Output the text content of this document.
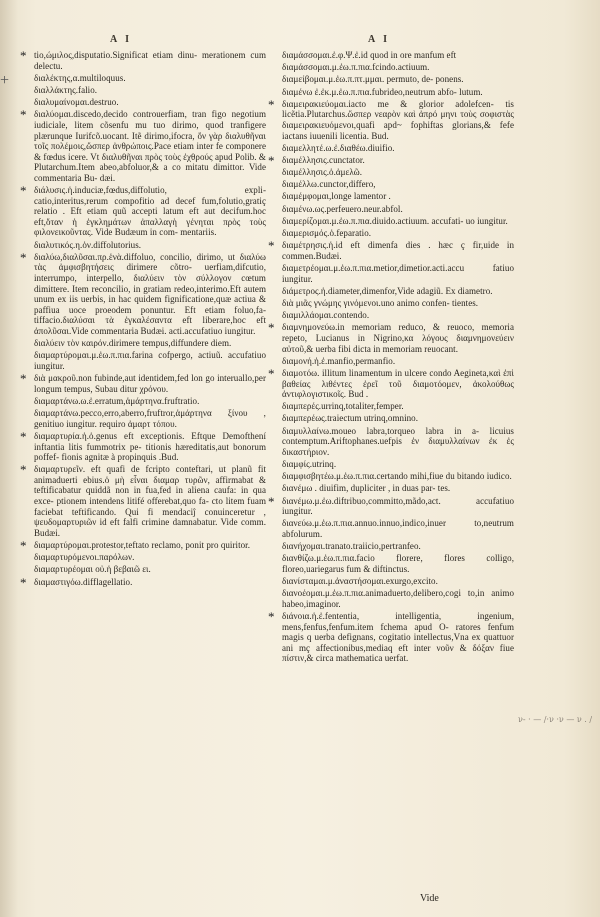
A I	A I
* tio,ώμιλος,disputatio.Significat etiam dinu- merationem cum delectu.
+ διαλέκτης,α.multiloquus.
διαλλάκτης.falio.
διαλυμαίνομαι.destruo.
* διαλύομαι.discedo,decido controuerfiam, tran figo negotium iudiciale, litem cõsenfu mu tuo dirimo, quod tranfigere plærunque Iurifcõ.uocant. Itẽ dirimo,ifocra, ὄν γὰρ διαλυθῆναι τοῖς πολέμοις,ὥσπερ ἀνθρώποις.Pace etiam inter fe componere & fœdus icere. Vt διαλυθῆναι πρὸς τοὺς ἐχθρούς apud Polib. & Plutarchum.Item abeo,abfoluor,& a co mitatu dimittor. Vide commentaria Bu- dæi.
* διάλυσις.ἡ.induciæ,fœdus,diffolutio, expli- catio,interitus,rerum compofitio ad decef fum,folutio,gratiç relatio . Eft etiam quũ accepti latum eft aut decifum.hoc eft,ὅταν ἡ ἐγκλημάτων ἀπαλλαγὴ γένηται πρὸς τοὺς φιλονεικοῦντας. Vide Budæum in com- mentariis.
διαλυτικός.η.ὁν.diffolutorius.
* διαλύω,διαλῦσαι.πρ.ἑνὰ.diffoluo, concilio, dirimo, ut διαλύω τὰς ἀμφισβητήσεις dirimere cõtro- uerfiam,difcutio, interrumpo, interpello, διαλύειν τὸν σύλλογον cœtum dimittere. Item reconcilio, in gratiam redeo,interimo.Eft autem unum ex iis uerbis, in hac quidem fignificatione,quæ actiua & paffiua uoce proeodem ponuntur. Eft etiam foluo,fa- tiffacio.διαλύσαι τὰ ἐγκαλέσαντα eft liberare,hoc eft ἀπολῦσαι.Vide commentaria Budæi. acti.accufatiuo iungitur.
διαλύειν τὸν καιρόν.dirimere tempus,diffundere diem.
διαμαρτύρομαι.μ.ἐω.π.πια.farina cofpergo, actiuũ. accufatiuo iungitur.
* διὰ μακροῦ.non fubinde,aut identidem,fed lon go interuallo,per longum tempus, Subau ditur χρόνου.
διαμαρτάνω.ω.ἐ.erratum,ἁμάρτηνα.fruftratio.
διαμαρτάνω.pecco,erro,aberro,fruftror,ἁμάρτηνα ξίνου , genitiuo iungitur. requiro ἀμαρτ τόπου.
* διαμαρτυρία.ἡ.ὁ.genus eft exceptionis. Eftque Demofthení inftantia litis fummotrix pe- titionis hæreditatis,aut bonorum poffef- fionis agnitæ à propinquis .Bud.
* διαμαρτυρεῖν. eft quafi de fcripto conteftari, ut planũ fit animaduerti ebius.ὁ μὴ εἶναι διαμαρ τυρῶν, affirmabat & teftificabatur quiddã non in fua,fed in aliena caufa: in qua exce- ptionem intendens litifé offerebat,quo fa- cto litem fuam faciebat teftificando. Qui fi mendaciĵ conuinceretur , ψευδομαρτυριῶν id eft falfi crimine damnabatur. Vide comm. Budæi.
* διαμαρτύρομαι.protestor,teftato reclamo, ponit pro quiritor.
διαμαρτυρόμενοι.παρόλων.
διαμαρτυρέομαι οὐ.ἡ βεβαιῶ ει.
* διαμαστιγόω.difflagellatio.
διαμάσσομαι.ἐ.φ.Ψ.ἐ.id quod in ore manfum eft
διαμάσσομαι.μ.ἐω.π.πια.fcindo.actiuum.
διαμείβομαι.μ.ἐω.π.πτ.μμαι. permuto, de- ponens.
διαμένω ἐ.ἐκ.μ.ἐω.π.πια.fubrideo,neutrum abfo- lutum.
* διαμειρακιεύομαι.iacto me & glorior adolefcen- tis licẽtia.Plutarchus.ὥσπερ νεαρὸν καὶ ἀπρό μηνι τοὺς σοφιστὰς διαμειρακιευόμενοι,quafi apd~ fophiftas glorians,& fefe iactans iuuenili licentia. Bud.
διαμελλητέ.ω.ἐ.διαθέω.diuifio.
* διαμέλλησις.cunctator.
διαμέλλησις.ὁ.ἀμελῶ.
διαμέλλω.cunctor,differo,
διαμέμφομαι,longe lamentor .
διαμένω.ως.perfeuero.neur.abfol.
διαμερίζομαι.μ.ἐω.π.πια.diuido.actiuum. accufati- uo iungitur.
διαμερισμός.ὁ.feparatio.
* διαμέτρησις.ἡ.id eft dimenfa dies . hæc ç fir,uide in commen.Budæi.
διαμετρέομαι.μ.ἐω.π.πια.metior,dimetior.acti.accu fatiuo iungitur.
διάμετρος.ἡ.diameter,dimenfor,Vide adagiũ. Ex diametro.
διὰ μιᾶς γνώμης γινόμενοι.uno animo confen- tientes.
διαμιλλάομαι.contendo.
* διαμνημονεύω.in memoriam reduco, & reuoco, memoria repeto, Lucianus in Nigrino,κα λόγους διαμνημονεύειν αὐτοῦ,& uerba fibi dicta in memoriam reuocant.
διαμονή.ἡ.ἐ.manfio,permanfio.
* διαμοτόω. illitum linamentum in ulcere condo Aegineta,καὶ ἐπὶ βαθείας λιθέντες ἐρεῖ τοῦ διαμοτόομεν, ἀκολούθως ἀντιφλογιστικοῖς. Bud .
διαμπερές.urrinq,totaliter,femper.
διαμπερέως.traiectum utrinq,omnino.
διαμυλλαίνω.moueo labra,torqueo labra in a- licuius contemptum.Ariftophanes.uefpis ἐν διαμυλλαίνων ἐκ ἐς δικαστήριον.
διαμφίς.utrinq.
διαμφισβητέω.μ.ἐω.π.πια.certando mihi,fiue du bitando iudico.
διανέμω . diuifim, dupliciter , in duas par- tes.
* διανέμω.μ.ἐω.diftribuo,committo,mãdo,act. accufatiuo iungitur.
διανεύω.μ.ἐω.π.πια.annuo.innuo,indico,inuer to,neutrum abfolurum.
διανήχομαι.tranato.traiicio,pertranfeo.
διανθίζω.μ.ἐω.π.πια.facio florere, flores colligo, floreo,uariegarus fum & diftinctus.
διανίσταμαι.μ.ἀναστήσομαι.exurgo,excito.
διανοέομαι.μ.ἐω.π.πια.animaduerto,delibero,cogi to,in animo habeo,imaginor.
* διάνοια.ἡ.ἐ.fententia, intelligentia, ingenium, mens,fenfus,fenfum.item fchema apud O- ratores fenfum magis q uerba defignans, cogitatio intellectus,Vna ex quattuor ani mç affectionibus,mediaq eft inter νοῦν & δόξαν fiue πίστιν,& circa mathematica uerfat.
ν- · — /·ν ·ν — ν . /
Vide
